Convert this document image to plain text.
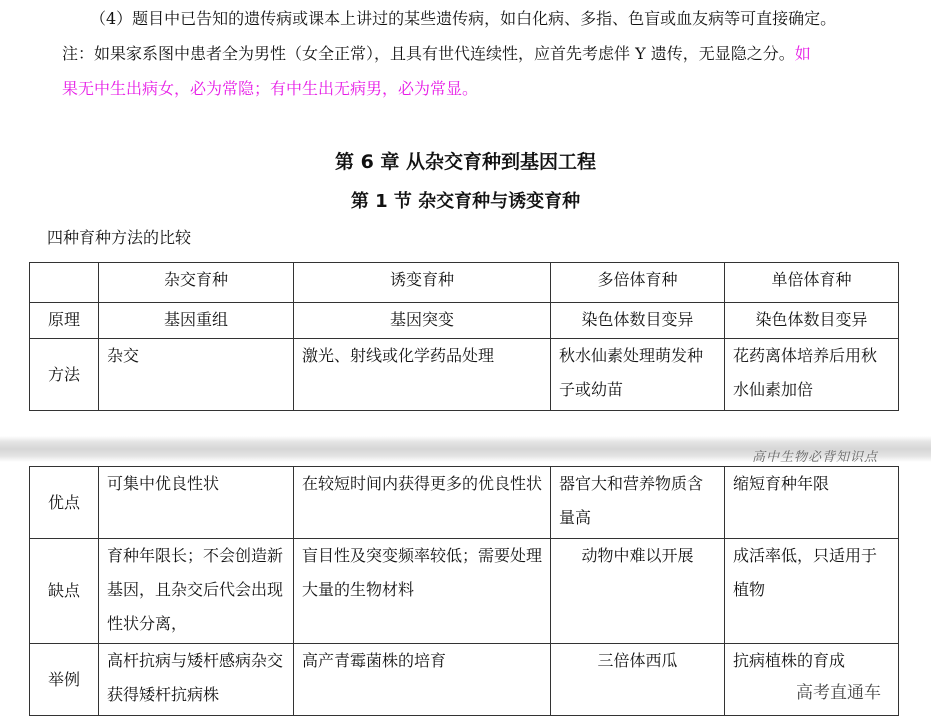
（4）题目中已告知的遗传病或课本上讲过的某些遗传病，如白化病、多指、色盲或血友病等可直接确定。
注：如果家系图中患者全为男性（女全正常），且具有世代连续性，应首先考虑伴 Y 遗传，无显隐之分。如
果无中生出病女，必为常隐；有中生出无病男，必为常显。
第 6 章 从杂交育种到基因工程
第 1 节 杂交育种与诱变育种
四种育种方法的比较
	杂交育种	诱变育种	多倍体育种	单倍体育种
原理	基因重组	基因突变	染色体数目变异	染色体数目变异
方法	杂交	激光、射线或化学药品处理	秋水仙素处理萌发种子或幼苗	花药离体培养后用秋水仙素加倍
高中生物必背知识点
优点	可集中优良性状	在较短时间内获得更多的优良性状	器官大和营养物质含量高	缩短育种年限
缺点	育种年限长；不会创造新基因，且杂交后代会出现性状分离，	盲目性及突变频率较低；需要处理大量的生物材料	动物中难以开展	成活率低，只适用于植物
举例	高杆抗病与矮杆感病杂交获得矮杆抗病株	高产青霉菌株的培育	三倍体西瓜	抗病植株的育成
高考直通车
